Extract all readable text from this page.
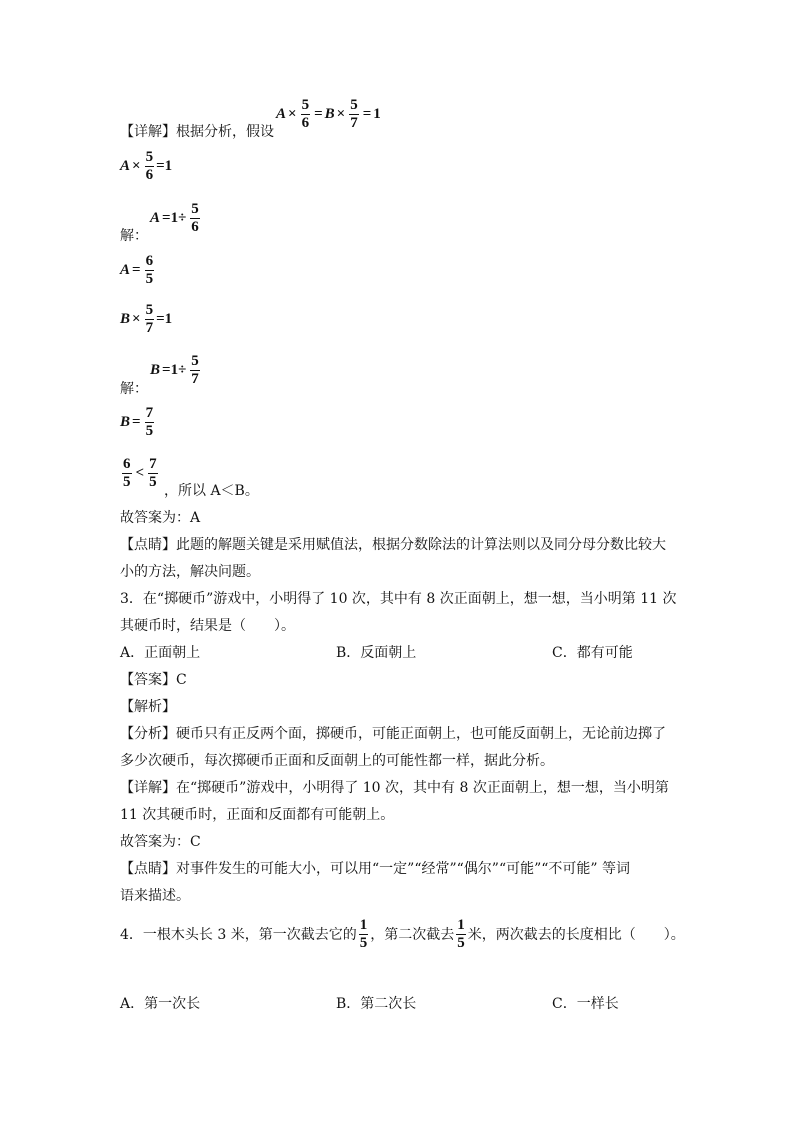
【详解】根据分析，假设
$A \times \frac{5}{6} = B \times \frac{5}{7} = 1$
$A \times \frac{5}{6} =1$
解：
$A =1\div \frac{5}{6}$
$A = \frac{6}{5}$
$B \times \frac{5}{7} =1$
解：
$B =1\div \frac{5}{7}$
$B = \frac{7}{5}$
$\frac{6}{5} < \frac{7}{5}$
，所以 A＜B。
故答案为：A
【点睛】此题的解题关键是采用赋值法，根据分数除法的计算法则以及同分母分数比较大
小的方法，解决问题。
3．在“掷硬币”游戏中，小明得了 10 次，其中有 8 次正面朝上，想一想，当小明第 11 次
其硬币时，结果是（　　）。
A．正面朝上	B．反面朝上	C．都有可能
【答案】C
【解析】
【分析】硬币只有正反两个面，掷硬币，可能正面朝上，也可能反面朝上，无论前边掷了
多少次硬币，每次掷硬币正面和反面朝上的可能性都一样，据此分析。
【详解】在“掷硬币”游戏中，小明得了 10 次，其中有 8 次正面朝上，想一想，当小明第
11 次其硬币时，正面和反面都有可能朝上。
故答案为：C
【点睛】对事件发生的可能大小，可以用“一定”“经常”“偶尔”“可能”“不可能” 等词
语来描述。
4．一根木头长 3 米，第一次截去它的 $\frac{1}{5}$ ，第二次截去 $\frac{1}{5}$ 米，两次截去的长度相比（　　）。
A．第一次长	B．第二次长	C．一样长
